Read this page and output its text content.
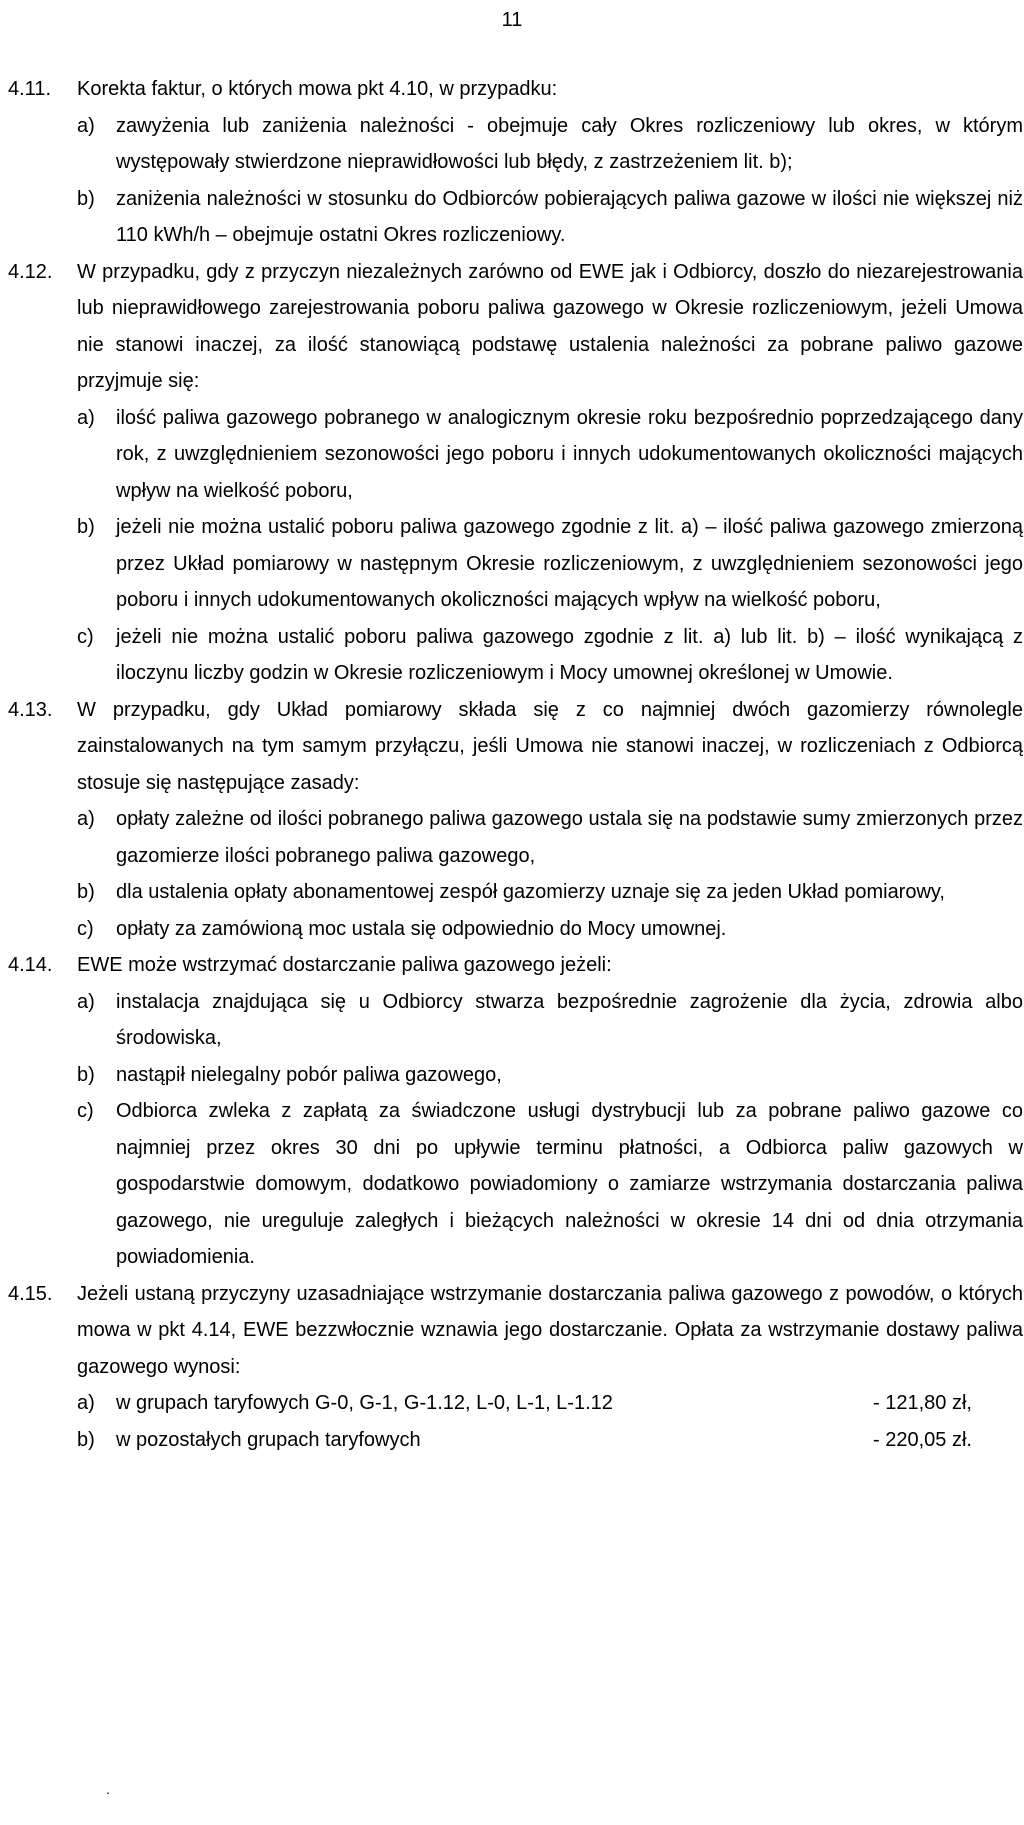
11
4.11. Korekta faktur, o których mowa pkt 4.10, w przypadku:
a) zawyżenia lub zaniżenia należności - obejmuje cały Okres rozliczeniowy lub okres, w którym występowały stwierdzone nieprawidłowości lub błędy, z zastrzeżeniem lit. b);
b) zaniżenia należności w stosunku do Odbiorców pobierających paliwa gazowe w ilości nie większej niż 110 kWh/h – obejmuje ostatni Okres rozliczeniowy.
4.12. W przypadku, gdy z przyczyn niezależnych zarówno od EWE jak i Odbiorcy, doszło do niezarejestrowania lub nieprawidłowego zarejestrowania poboru paliwa gazowego w Okresie rozliczeniowym, jeżeli Umowa nie stanowi inaczej, za ilość stanowiącą podstawę ustalenia należności za pobrane paliwo gazowe przyjmuje się:
a) ilość paliwa gazowego pobranego w analogicznym okresie roku bezpośrednio poprzedzającego dany rok, z uwzględnieniem sezonowości jego poboru i innych udokumentowanych okoliczności mających wpływ na wielkość poboru,
b) jeżeli nie można ustalić poboru paliwa gazowego zgodnie z lit. a) – ilość paliwa gazowego zmierzoną przez Układ pomiarowy w następnym Okresie rozliczeniowym, z uwzględnieniem sezonowości jego poboru i innych udokumentowanych okoliczności mających wpływ na wielkość poboru,
c) jeżeli nie można ustalić poboru paliwa gazowego zgodnie z lit. a) lub lit. b) – ilość wynikającą z iloczynu liczby godzin w Okresie rozliczeniowym i Mocy umownej określonej w Umowie.
4.13. W przypadku, gdy Układ pomiarowy składa się z co najmniej dwóch gazomierzy równolegle zainstalowanych na tym samym przyłączu, jeśli Umowa nie stanowi inaczej, w rozliczeniach z Odbiorcą stosuje się następujące zasady:
a) opłaty zależne od ilości pobranego paliwa gazowego ustala się na podstawie sumy zmierzonych przez gazomierze ilości pobranego paliwa gazowego,
b) dla ustalenia opłaty abonamentowej zespół gazomierzy uznaje się za jeden Układ pomiarowy,
c) opłaty za zamówioną moc ustala się odpowiednio do Mocy umownej.
4.14. EWE może wstrzymać dostarczanie paliwa gazowego jeżeli:
a) instalacja znajdująca się u Odbiorcy stwarza bezpośrednie zagrożenie dla życia, zdrowia albo środowiska,
b) nastąpił nielegalny pobór paliwa gazowego,
c) Odbiorca zwleka z zapłatą za świadczone usługi dystrybucji lub za pobrane paliwo gazowe co najmniej przez okres 30 dni po upływie terminu płatności, a Odbiorca paliw gazowych w gospodarstwie domowym, dodatkowo powiadomiony o zamiarze wstrzymania dostarczania paliwa gazowego, nie ureguluje zaległych i bieżących należności w okresie 14 dni od dnia otrzymania powiadomienia.
4.15. Jeżeli ustaną przyczyny uzasadniające wstrzymanie dostarczania paliwa gazowego z powodów, o których mowa w pkt 4.14, EWE bezzwłocznie wznawia jego dostarczanie. Opłata za wstrzymanie dostawy paliwa gazowego wynosi:
a) w grupach taryfowych G-0, G-1, G-1.12, L-0, L-1, L-1.12	- 121,80 zł,
b) w pozostałych grupach taryfowych	- 220,05 zł.
.
